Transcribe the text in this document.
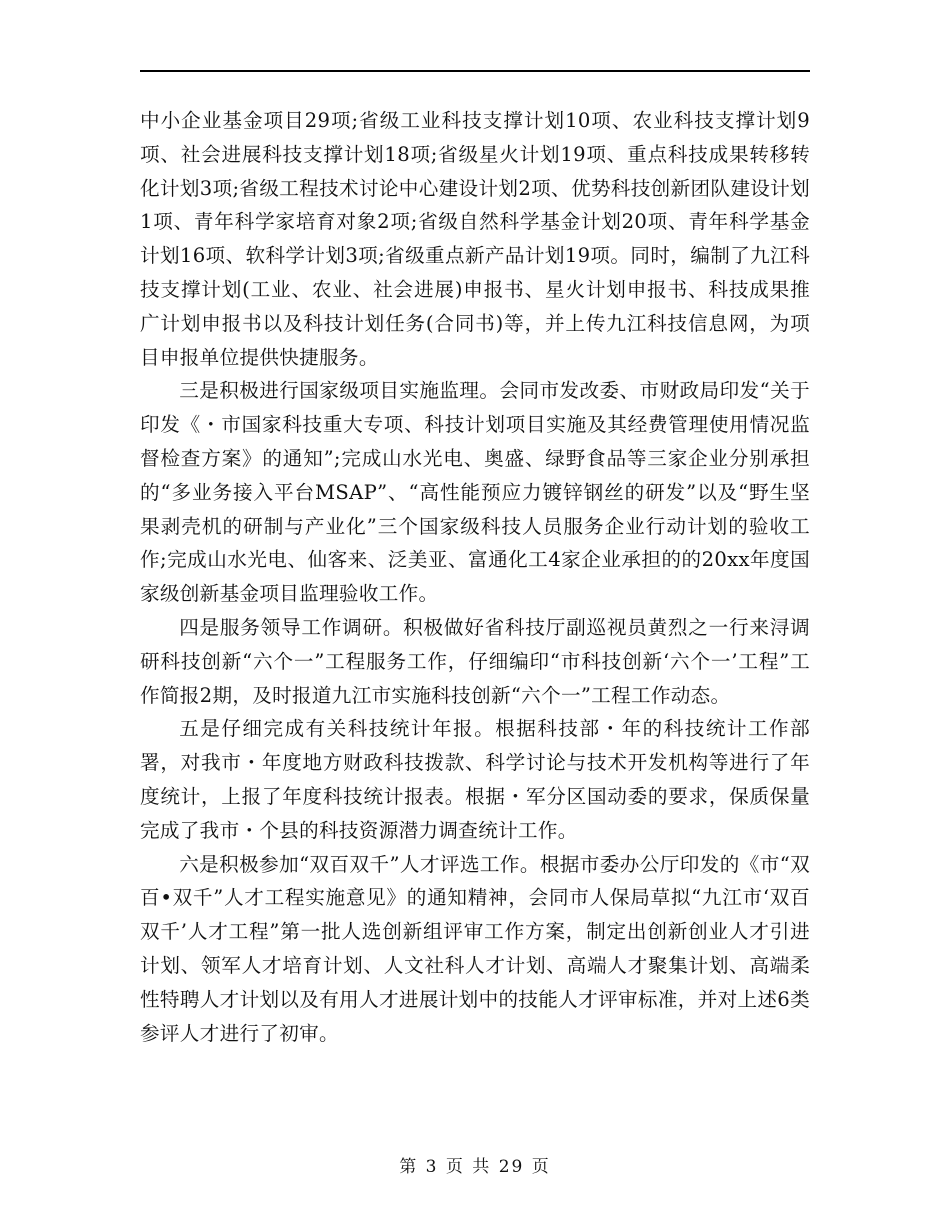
中小企业基金项目29项;省级工业科技支撑计划10项、农业科技支撑计划9项、社会进展科技支撑计划18项;省级星火计划19项、重点科技成果转移转化计划3项;省级工程技术讨论中心建设计划2项、优势科技创新团队建设计划1项、青年科学家培育对象2项;省级自然科学基金计划20项、青年科学基金计划16项、软科学计划3项;省级重点新产品计划19项。同时，编制了九江科技支撑计划(工业、农业、社会进展)申报书、星火计划申报书、科技成果推广计划申报书以及科技计划任务(合同书)等，并上传九江科技信息网，为项目申报单位提供快捷服务。

三是积极进行国家级项目实施监理。会同市发改委、市财政局印发“关于印发《・市国家科技重大专项、科技计划项目实施及其经费管理使用情况监督检查方案》的通知”;完成山水光电、奥盛、绿野食品等三家企业分别承担的“多业务接入平台MSAP”、“高性能预应力镀锌钢丝的研发”以及“野生坚果剥壳机的研制与产业化”三个国家级科技人员服务企业行动计划的验收工作;完成山水光电、仙客来、泛美亚、富通化工4家企业承担的的20xx年度国家级创新基金项目监理验收工作。

四是服务领导工作调研。积极做好省科技厅副巡视员黄烈之一行来浔调研科技创新“六个一”工程服务工作，仔细编印“市科技创新‘六个一’工程”工作简报2期，及时报道九江市实施科技创新“六个一”工程工作动态。

五是仔细完成有关科技统计年报。根据科技部・年的科技统计工作部署，对我市・年度地方财政科技拨款、科学讨论与技术开发机构等进行了年度统计，上报了年度科技统计报表。根据・军分区国动委的要求，保质保量完成了我市・个县的科技资源潜力调查统计工作。

六是积极参加“双百双千”人才评选工作。根据市委办公厅印发的《市“双百•双千”人才工程实施意见》的通知精神，会同市人保局草拟“九江市‘双百双千’人才工程”第一批人选创新组评审工作方案，制定出创新创业人才引进计划、领军人才培育计划、人文社科人才计划、高端人才聚集计划、高端柔性特聘人才计划以及有用人才进展计划中的技能人才评审标准，并对上述6类参评人才进行了初审。

第 3 页 共 29 页
